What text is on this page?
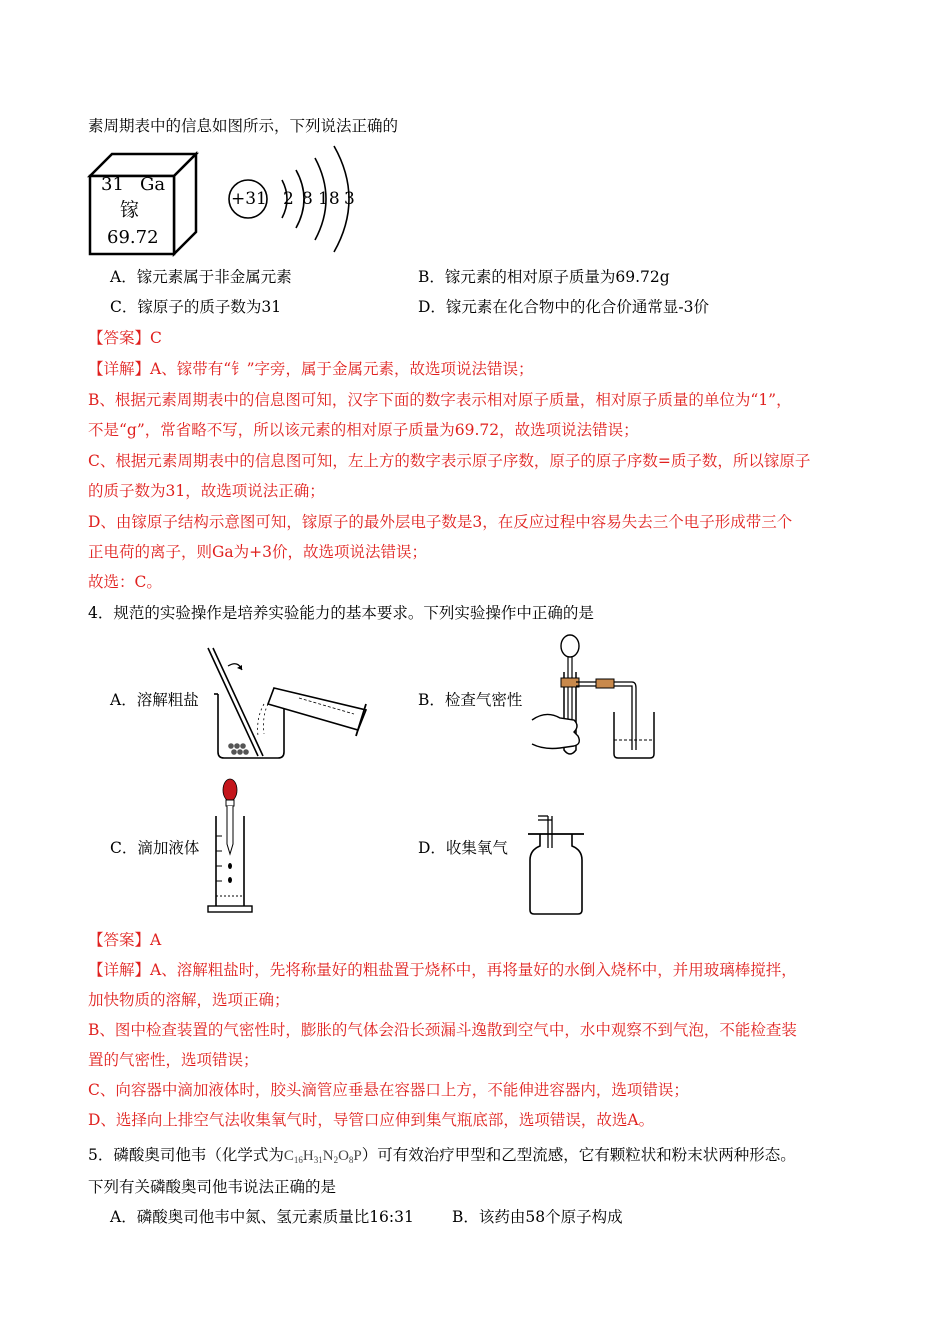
素周期表中的信息如图所示，下列说法正确的
31 Ga
镓
69.72
+31 2 8 18 3
A．镓元素属于非金属元素	B．镓元素的相对原子质量为69.72g
C．镓原子的质子数为31	D．镓元素在化合物中的化合价通常显-3价
【答案】C
【详解】A、镓带有“钅”字旁，属于金属元素，故选项说法错误；
B、根据元素周期表中的信息图可知，汉字下面的数字表示相对原子质量，相对原子质量的单位为“1”，
不是“g”，常省略不写，所以该元素的相对原子质量为69.72，故选项说法错误；
C、根据元素周期表中的信息图可知，左上方的数字表示原子序数，原子的原子序数=质子数，所以镓原子
的质子数为31，故选项说法正确；
D、由镓原子结构示意图可知，镓原子的最外层电子数是3，在反应过程中容易失去三个电子形成带三个
正电荷的离子，则Ga为+3价，故选项说法错误；
故选：C。
4．规范的实验操作是培养实验能力的基本要求。下列实验操作中正确的是
A．溶解粗盐	B．检查气密性
C．滴加液体	D．收集氧气
【答案】A
【详解】A、溶解粗盐时，先将称量好的粗盐置于烧杯中，再将量好的水倒入烧杯中，并用玻璃棒搅拌，
加快物质的溶解，选项正确；
B、图中检查装置的气密性时，膨胀的气体会沿长颈漏斗逸散到空气中，水中观察不到气泡，不能检查装
置的气密性，选项错误；
C、向容器中滴加液体时，胶头滴管应垂悬在容器口上方，不能伸进容器内，选项错误；
D、选择向上排空气法收集氧气时，导管口应伸到集气瓶底部，选项错误，故选A。
5．磷酸奥司他韦（化学式为$C_{16}H_{31}N_2O_8P$）可有效治疗甲型和乙型流感，它有颗粒状和粉末状两种形态。
下列有关磷酸奥司他韦说法正确的是
A．磷酸奥司他韦中氮、氢元素质量比16:31 B．该药由58个原子构成
